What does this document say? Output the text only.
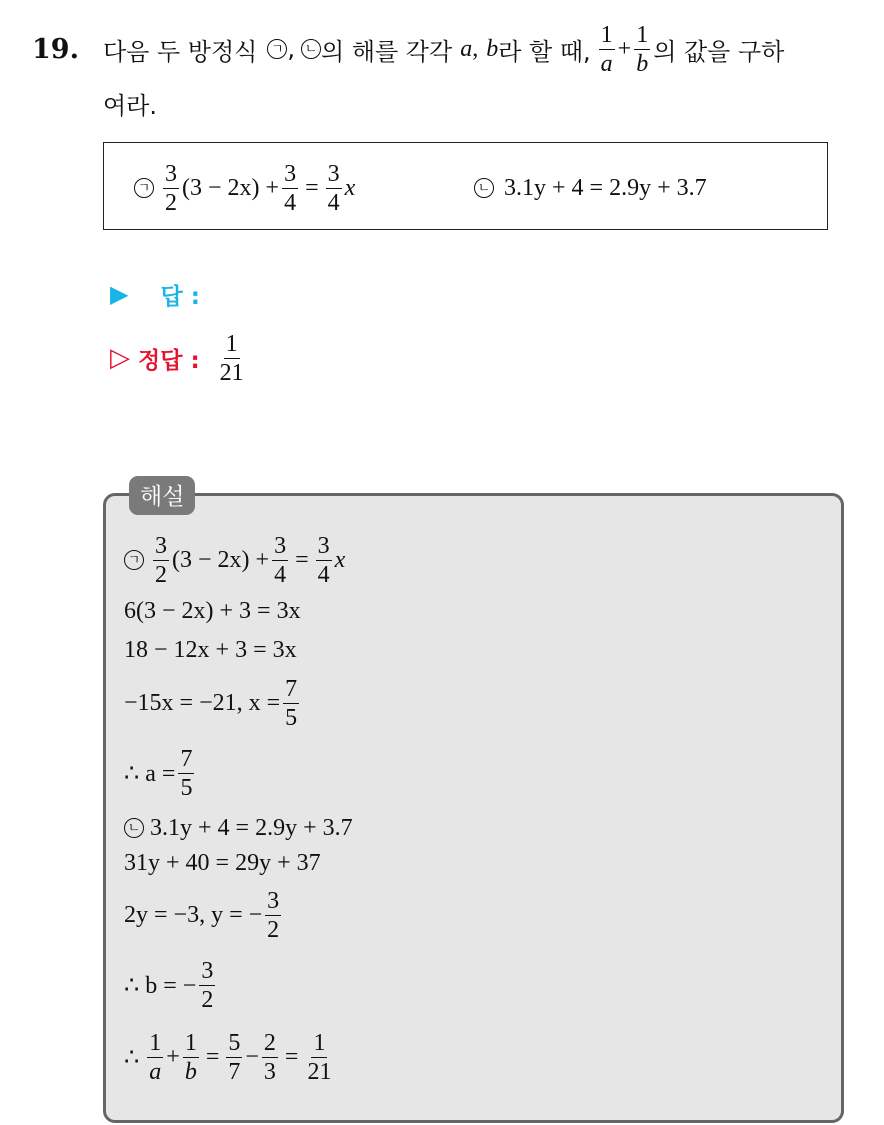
19. 다음 두 방정식 ㄱ , ㄴ 의 해를 각각 a , b 라 할 때, $\frac{1}{a} + \frac{1}{b}$ 의 값을 구하
여라.
ㄱ $\frac{3}{2} (3 - 2x) + \frac{3}{4} = \frac{3}{4}$ x	ㄴ 3.1y + 4 = 2.9y + 3.7
▶ 답 :
▷ 정답 : $\frac{1}{21}$
해설
ㄱ $\frac{3}{2} (3 - 2x) + \frac{3}{4} = \frac{3}{4}$ x
6(3 − 2x) + 3 = 3x
18 − 12x + 3 = 3x
−15x = −21, $x = \frac{7}{5}$
∴ $a = \frac{7}{5}$
ㄴ 3.1y + 4 = 2.9y + 3.7
31y + 40 = 29y + 37
2y = −3, y = − $\frac{3}{2}$
∴ b = − $\frac{3}{2}$
∴ $\frac{1}{a} + \frac{1}{b} = \frac{5}{7} - \frac{2}{3} = \frac{1}{21}$
